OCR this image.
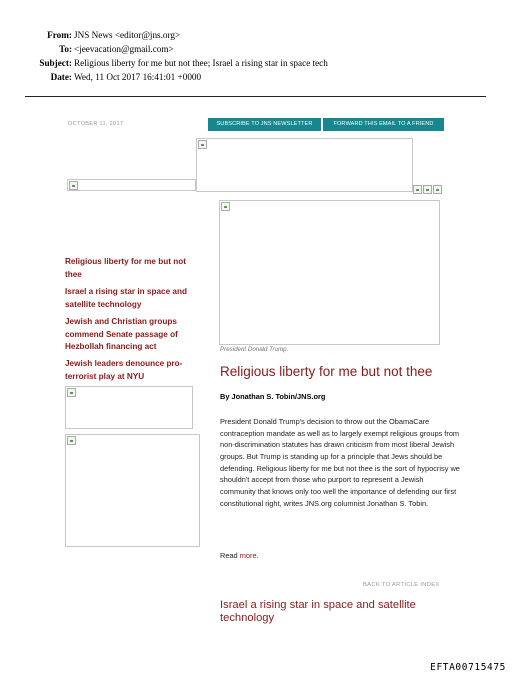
From: JNS News <editor@jns.org>
To: <jeevacation@gmail.com>
Subject: Religious liberty for me but not thee; Israel a rising star in space tech
Date: Wed, 11 Oct 2017 16:41:01 +0000
OCTOBER 11, 2017	SUBSCRIBE TO JNS NEWSLETTER	FORWARD THIS EMAIL TO A FRIEND
Religious liberty for me but not thee
Israel a rising star in space and satellite technology
Jewish and Christian groups commend Senate passage of Hezbollah financing act
Jewish leaders denounce pro-terrorist play at NYU
President Donald Trump.
Religious liberty for me but not thee
By Jonathan S. Tobin/JNS.org
President Donald Trump's decision to throw out the ObamaCare contraception mandate as well as to largely exempt religious groups from non-discrimination statutes has drawn criticism from most liberal Jewish groups. But Trump is standing up for a principle that Jews should be defending. Religious liberty for me but not thee is the sort of hypocrisy we shouldn't accept from those who purport to represent a Jewish community that knows only too well the importance of defending our first constitutional right, writes JNS.org columnist Jonathan S. Tobin.
Read more.
BACK TO ARTICLE INDEX
Israel a rising star in space and satellite technology
EFTA00715475
